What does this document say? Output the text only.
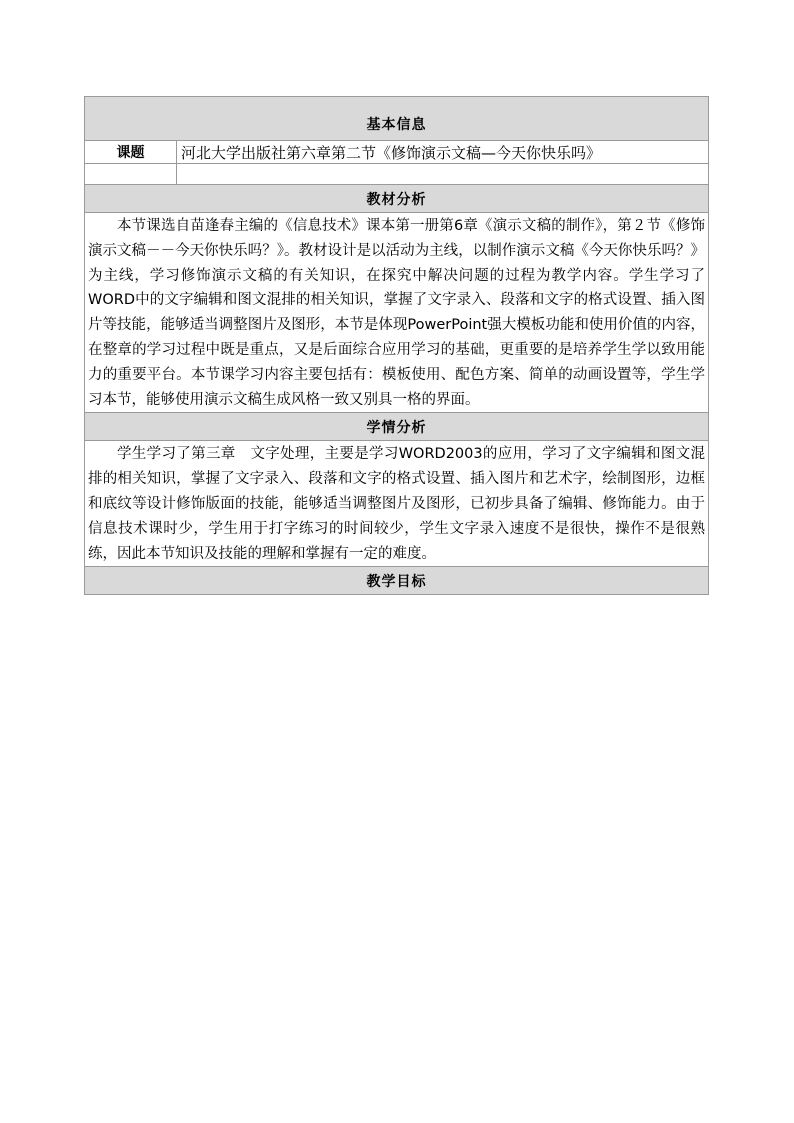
基本信息	
课题	河北大学出版社第六章第二节《修饰演示文稿—今天你快乐吗》

教材分析	

本节课选自苗逢春主编的《信息技术》课本第一册第6章《演示文稿的制作》，第２节《修饰演示文稿－－今天你快乐吗？》。教材设计是以活动为主线，以制作演示文稿《今天你快乐吗？》为主线，学习修饰演示文稿的有关知识，在探究中解决问题的过程为教学内容。学生学习了WORD中的文字编辑和图文混排的相关知识，掌握了文字录入、段落和文字的格式设置、插入图片等技能，能够适当调整图片及图形，本节是体现PowerPoint强大模板功能和使用价值的内容，在整章的学习过程中既是重点，又是后面综合应用学习的基础，更重要的是培养学生学以致用能力的重要平台。本节课学习内容主要包括有：模板使用、配色方案、简单的动画设置等，学生学习本节，能够使用演示文稿生成风格一致又别具一格的界面。	

学情分析	

学生学习了第三章　文字处理，主要是学习WORD2003的应用，学习了文字编辑和图文混排的相关知识，掌握了文字录入、段落和文字的格式设置、插入图片和艺术字，绘制图形，边框和底纹等设计修饰版面的技能，能够适当调整图片及图形，已初步具备了编辑、修饰能力。由于信息技术课时少，学生用于打字练习的时间较少，学生文字录入速度不是很快，操作不是很熟练，因此本节知识及技能的理解和掌握有一定的难度。	

教学目标	
